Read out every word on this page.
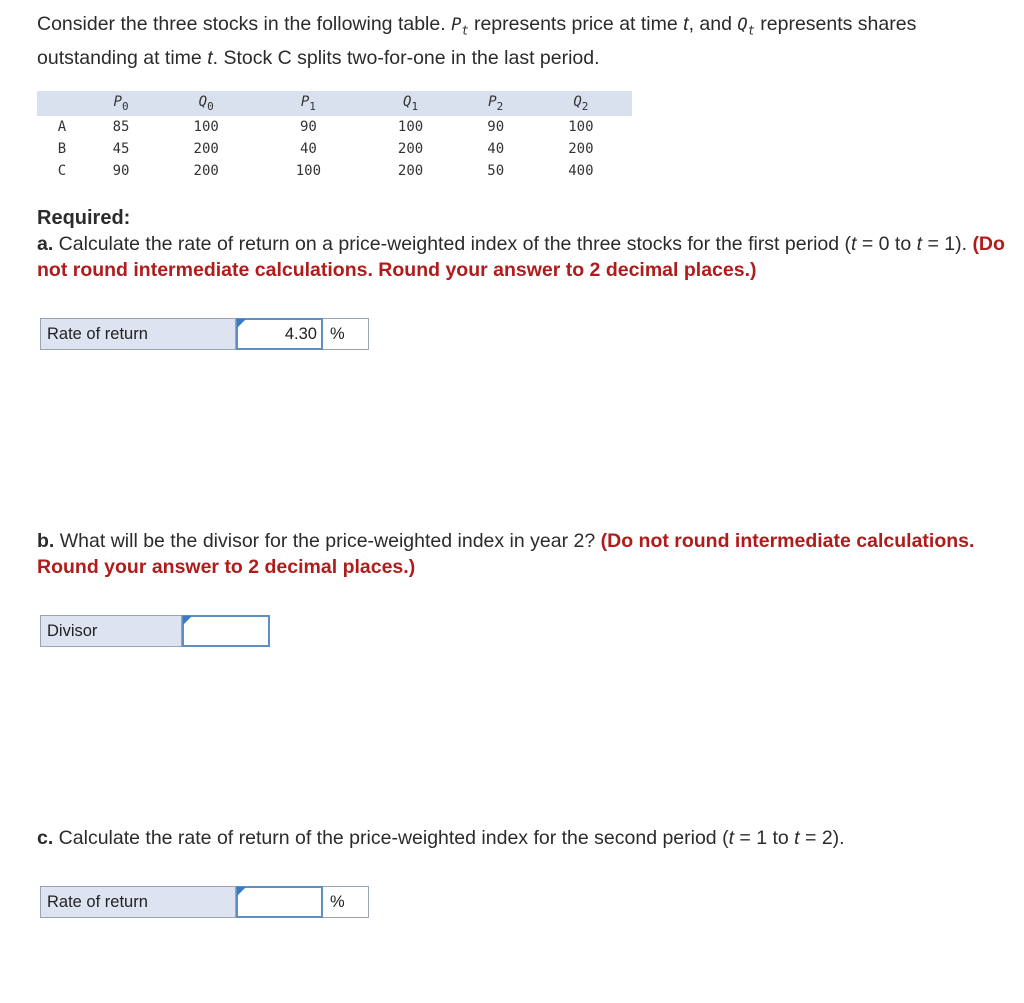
Consider the three stocks in the following table. $P_t$ represents price at time t, and $Q_t$ represents shares outstanding at time t. Stock C splits two-for-one in the last period.
	$P_0$	$Q_0$	$P_1$	$Q_1$	$P_2$	$Q_2$
A	85	100	90	100	90	100
B	45	200	40	200	40	200
C	90	200	100	200	50	400
Required:
a. Calculate the rate of return on a price-weighted index of the three stocks for the first period (t = 0 to t = 1). (Do not round intermediate calculations. Round your answer to 2 decimal places.)
Rate of return	4.30 %
b. What will be the divisor for the price-weighted index in year 2? (Do not round intermediate calculations. Round your answer to 2 decimal places.)
Divisor
c. Calculate the rate of return of the price-weighted index for the second period (t = 1 to t = 2).
Rate of return	%
